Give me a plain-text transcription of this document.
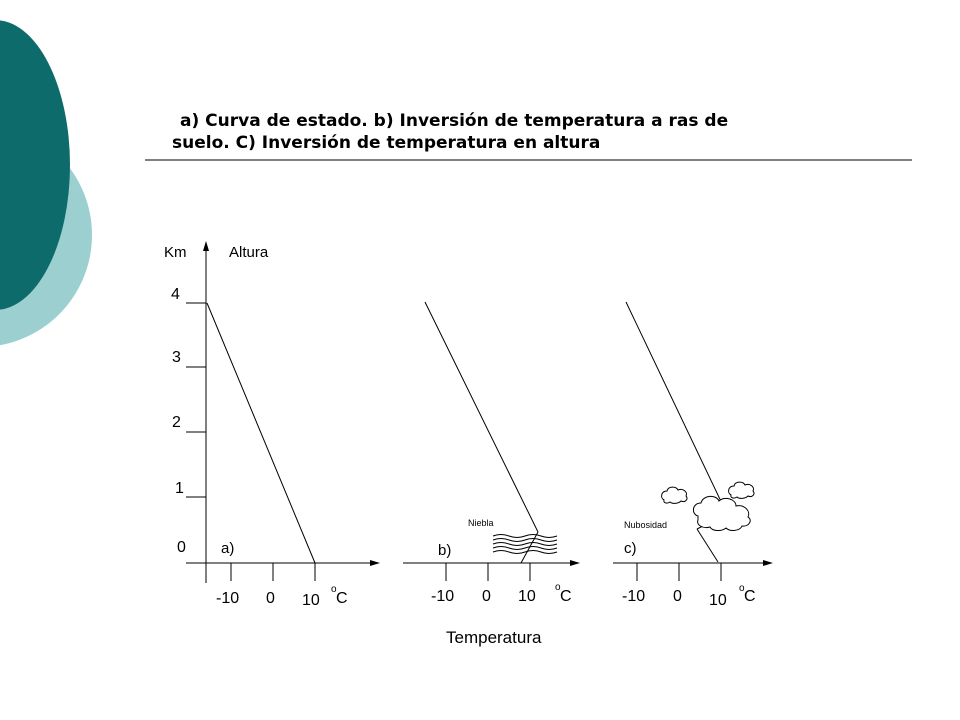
4
3
2
1
0
Km	Altura
-10 0 10
o
C
a)
-10 0 10
o
C
b)
Niebla
-10 0 10
o C
c)
Nubosidad
Temperatura
a) Curva de estado. b) Inversión de temperatura a ras de
suelo. C) Inversión de temperatura en altura
